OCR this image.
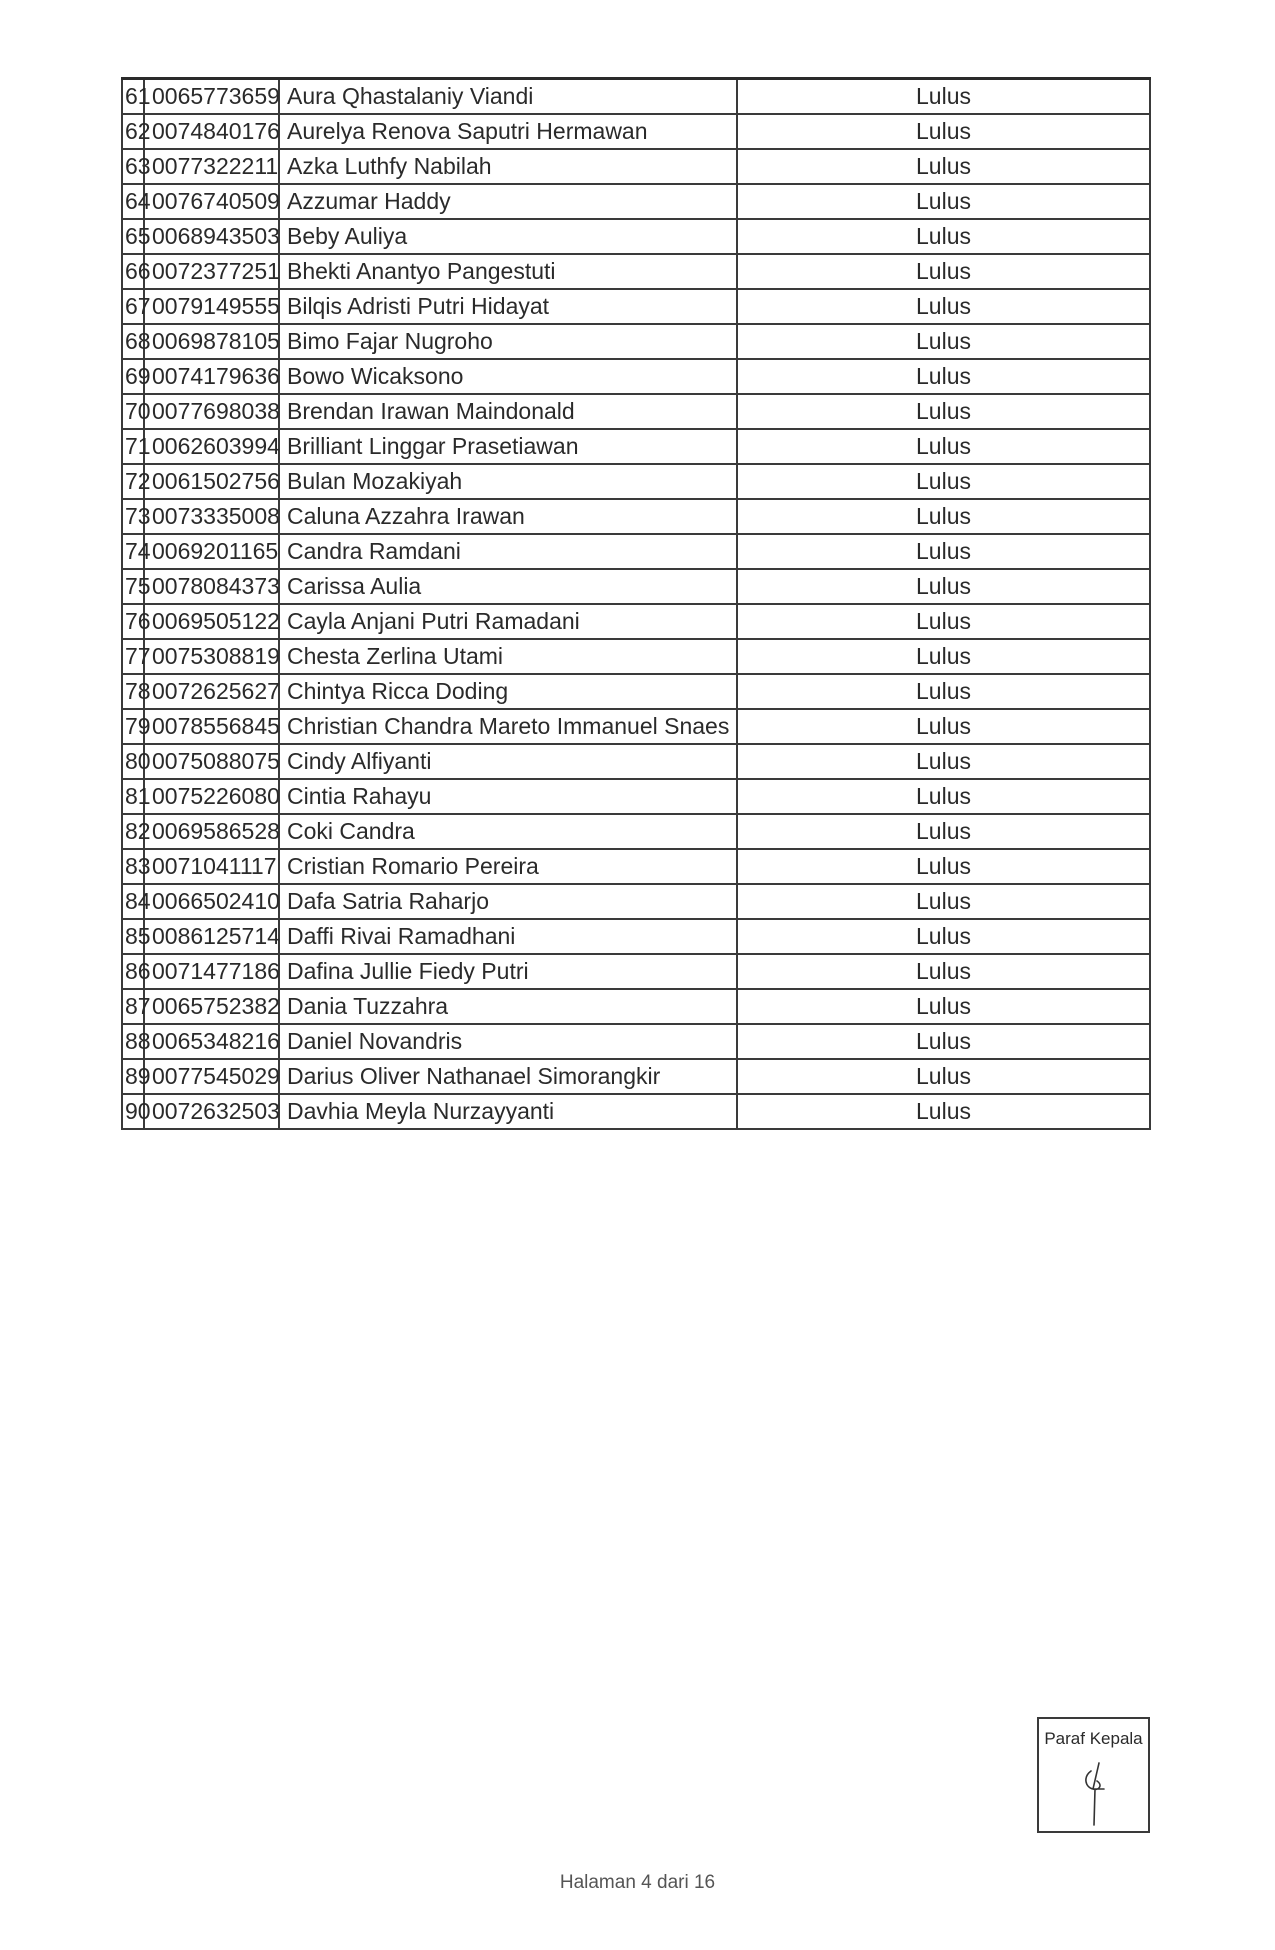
61	0065773659	Aura Qhastalaniy Viandi	Lulus
62	0074840176	Aurelya Renova Saputri Hermawan	Lulus
63	0077322211	Azka Luthfy Nabilah	Lulus
64	0076740509	Azzumar Haddy	Lulus
65	0068943503	Beby Auliya	Lulus
66	0072377251	Bhekti Anantyo Pangestuti	Lulus
67	0079149555	Bilqis Adristi Putri Hidayat	Lulus
68	0069878105	Bimo Fajar Nugroho	Lulus
69	0074179636	Bowo Wicaksono	Lulus
70	0077698038	Brendan Irawan Maindonald	Lulus
71	0062603994	Brilliant Linggar Prasetiawan	Lulus
72	0061502756	Bulan Mozakiyah	Lulus
73	0073335008	Caluna Azzahra Irawan	Lulus
74	0069201165	Candra Ramdani	Lulus
75	0078084373	Carissa Aulia	Lulus
76	0069505122	Cayla Anjani Putri Ramadani	Lulus
77	0075308819	Chesta Zerlina Utami	Lulus
78	0072625627	Chintya Ricca Doding	Lulus
79	0078556845	Christian Chandra Mareto Immanuel Snaes	Lulus
80	0075088075	Cindy Alfiyanti	Lulus
81	0075226080	Cintia Rahayu	Lulus
82	0069586528	Coki Candra	Lulus
83	0071041117	Cristian Romario Pereira	Lulus
84	0066502410	Dafa Satria Raharjo	Lulus
85	0086125714	Daffi Rivai Ramadhani	Lulus
86	0071477186	Dafina Jullie Fiedy Putri	Lulus
87	0065752382	Dania Tuzzahra	Lulus
88	0065348216	Daniel Novandris	Lulus
89	0077545029	Darius Oliver Nathanael Simorangkir	Lulus
90	0072632503	Davhia Meyla Nurzayyanti	Lulus
Paraf Kepala
Halaman 4 dari 16
